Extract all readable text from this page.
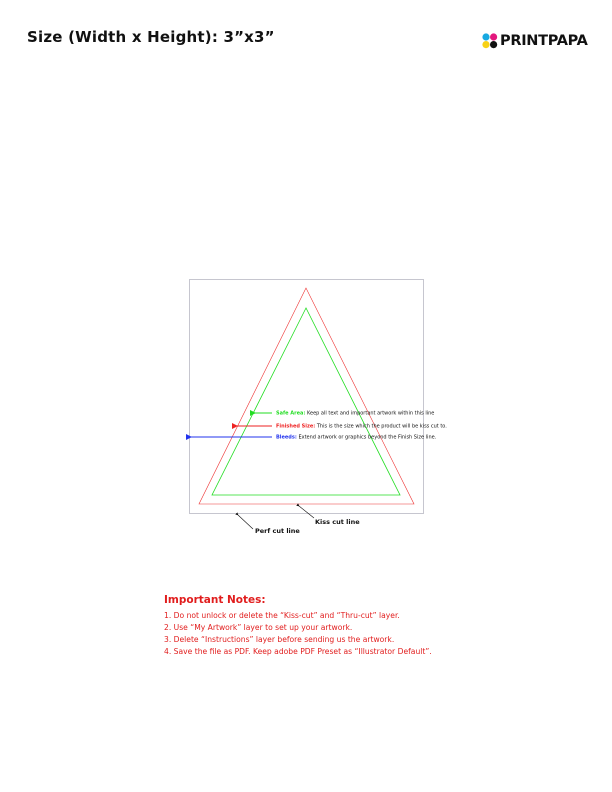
Size (Width x Height): 3”x3”	PRINTPAPA
Safe Area: Keep all text and important artwork within this line
Finished Size: This is the size which the product will be kiss cut to.
Bleeds: Extend artwork or graphics beyond the Finish Size line.
Kiss cut line
Perf cut line
Important Notes:
1. Do not unlock or delete the “Kiss-cut” and “Thru-cut” layer.
2. Use “My Artwork” layer to set up your artwork.
3. Delete “Instructions” layer before sending us the artwork.
4. Save the file as PDF. Keep adobe PDF Preset as “Illustrator Default”.
